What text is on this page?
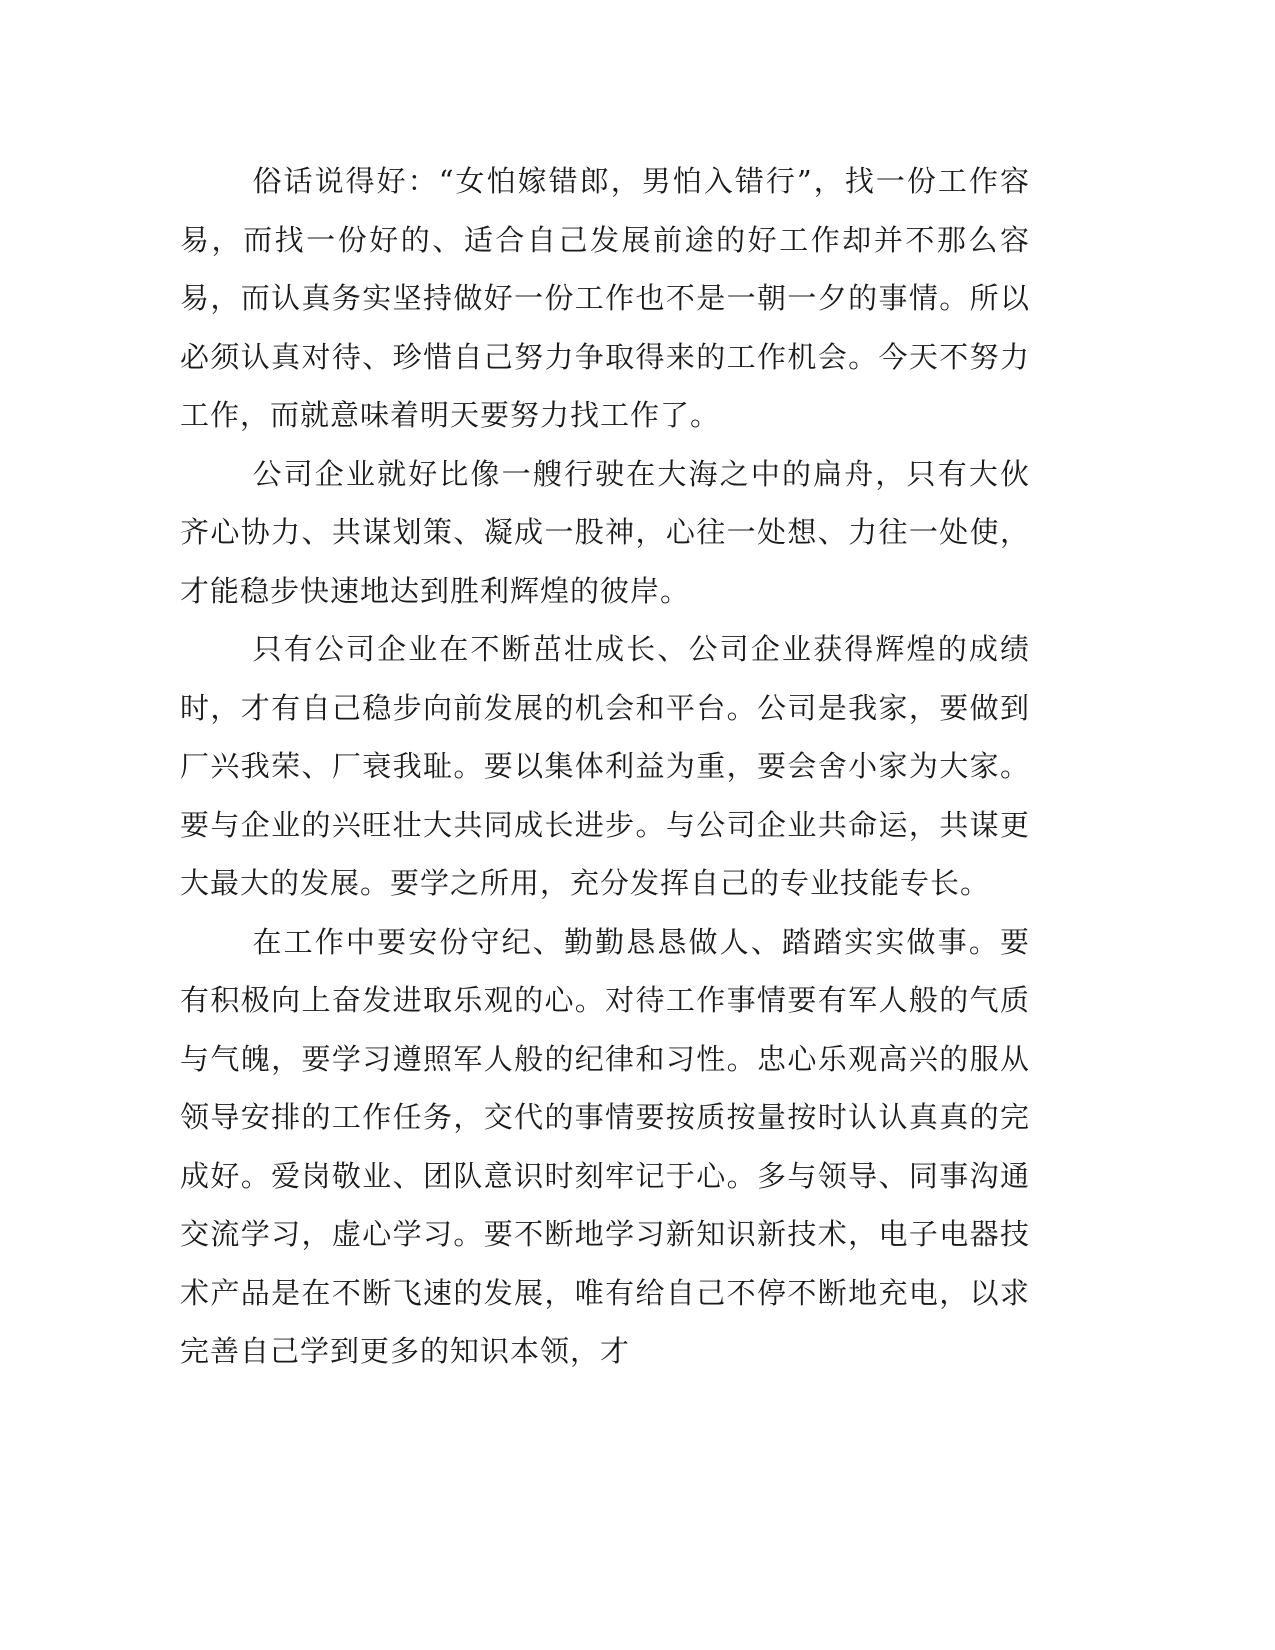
俗话说得好：“女怕嫁错郎，男怕入错行”，找一份工作容易，而找一份好的、适合自己发展前途的好工作却并不那么容易，而认真务实坚持做好一份工作也不是一朝一夕的事情。所以必须认真对待、珍惜自己努力争取得来的工作机会。今天不努力工作，而就意味着明天要努力找工作了。

公司企业就好比像一艘行驶在大海之中的扁舟，只有大伙齐心协力、共谋划策、凝成一股神，心往一处想、力往一处使，才能稳步快速地达到胜利辉煌的彼岸。

只有公司企业在不断茁壮成长、公司企业获得辉煌的成绩时，才有自己稳步向前发展的机会和平台。公司是我家，要做到厂兴我荣、厂衰我耻。要以集体利益为重，要会舍小家为大家。要与企业的兴旺壮大共同成长进步。与公司企业共命运，共谋更大最大的发展。要学之所用，充分发挥自己的专业技能专长。

在工作中要安份守纪、勤勤恳恳做人、踏踏实实做事。要有积极向上奋发进取乐观的心。对待工作事情要有军人般的气质与气魄，要学习遵照军人般的纪律和习性。忠心乐观高兴的服从领导安排的工作任务，交代的事情要按质按量按时认认真真的完成好。爱岗敬业、团队意识时刻牢记于心。多与领导、同事沟通交流学习，虚心学习。要不断地学习新知识新技术，电子电器技术产品是在不断飞速的发展，唯有给自己不停不断地充电，以求完善自己学到更多的知识本领，才
